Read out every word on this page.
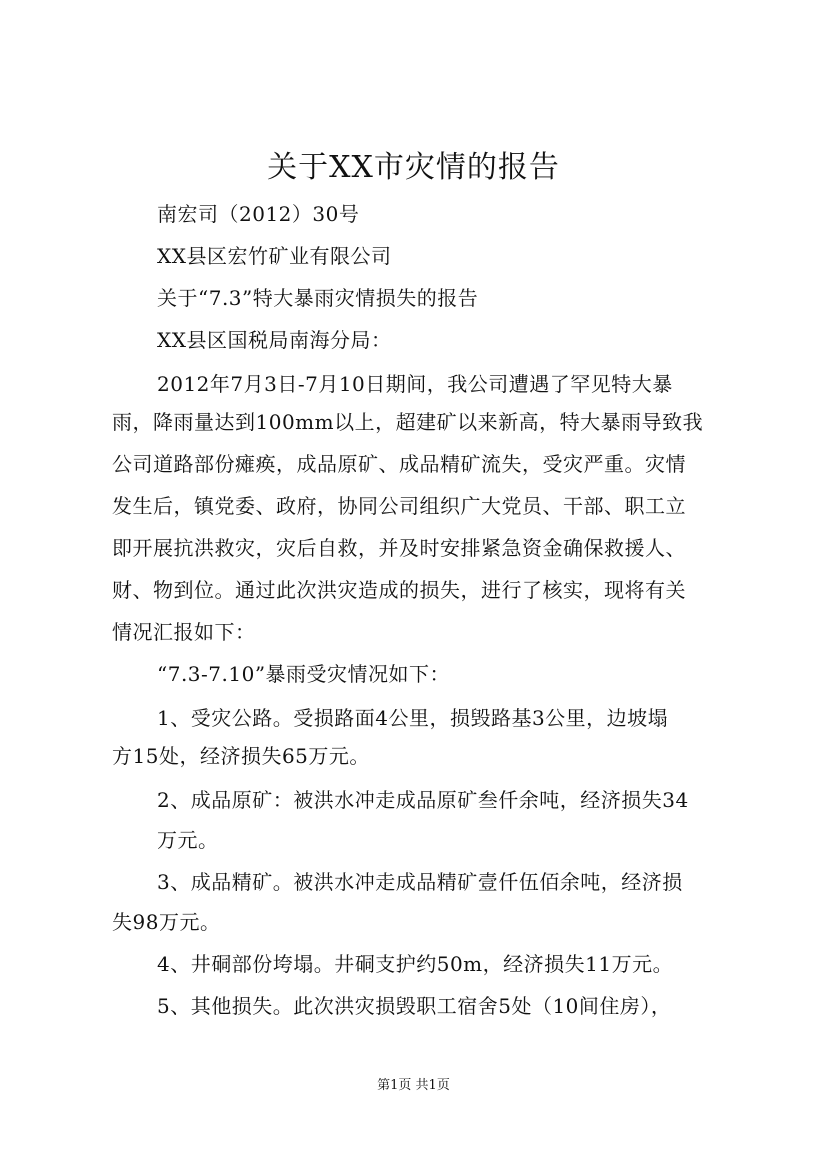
关于XX市灾情的报告
南宏司（2012）30号
XX县区宏竹矿业有限公司
关于“7.3”特大暴雨灾情损失的报告
XX县区国税局南海分局：
2012年7月3日-7月10日期间，我公司遭遇了罕见特大暴
雨，降雨量达到100mm以上，超建矿以来新高，特大暴雨导致我
公司道路部份瘫痪，成品原矿、成品精矿流失，受灾严重。灾情
发生后，镇党委、政府，协同公司组织广大党员、干部、职工立
即开展抗洪救灾，灾后自救，并及时安排紧急资金确保救援人、
财、物到位。通过此次洪灾造成的损失，进行了核实，现将有关
情况汇报如下：
“7.3-7.10”暴雨受灾情况如下：
1、受灾公路。受损路面4公里，损毁路基3公里，边坡塌
方15处，经济损失65万元。
2、成品原矿：被洪水冲走成品原矿叁仟余吨，经济损失34
万元。
3、成品精矿。被洪水冲走成品精矿壹仟伍佰余吨，经济损
失98万元。
4、井硐部份垮塌。井硐支护约50m，经济损失11万元。
5、其他损失。此次洪灾损毁职工宿舍5处（10间住房），
第1页 共1页
